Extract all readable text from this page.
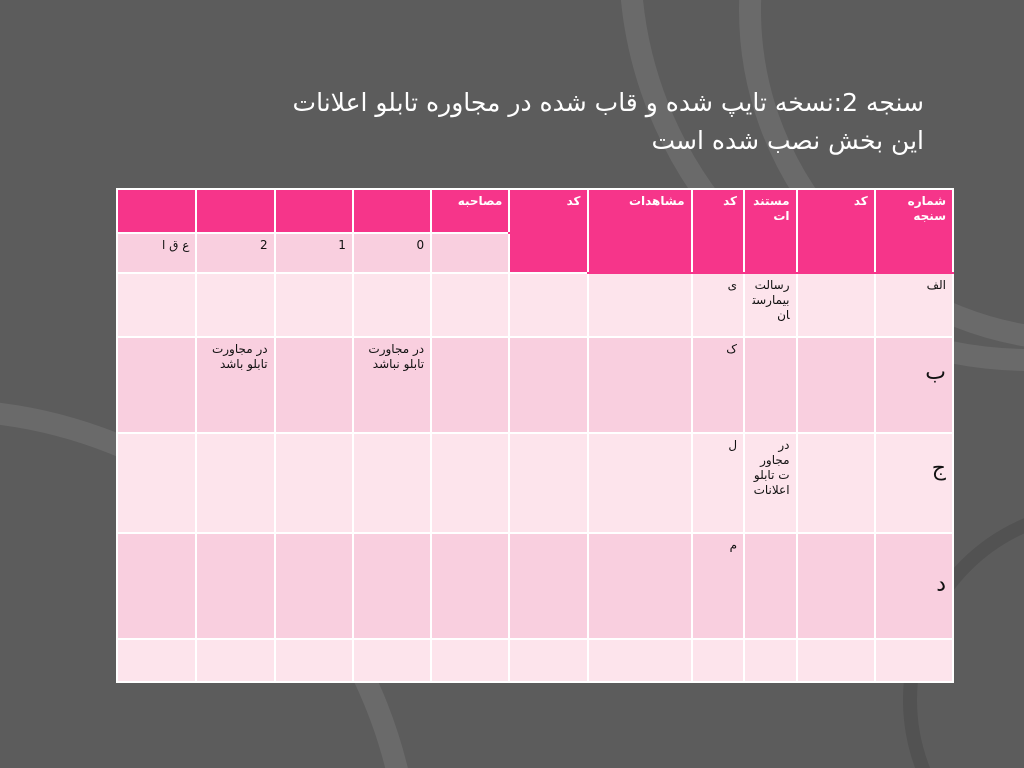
سنجه 2:نسخه تایپ شده و قاب شده در مجاوره تابلو اعلانات
این بخش نصب شده است
شماره سنجه	کد	مستندات	کد	مشاهدات	کد	مصاحبه				
							0	1	2	ع ق ا
الف		رسالت بیمارستان	ی							

ب			ک				در مجاورت تابلو نباشد		در مجاورت تابلو باشد	

ج		در مجاورت تابلو اعلانات	ل							

د			م							
